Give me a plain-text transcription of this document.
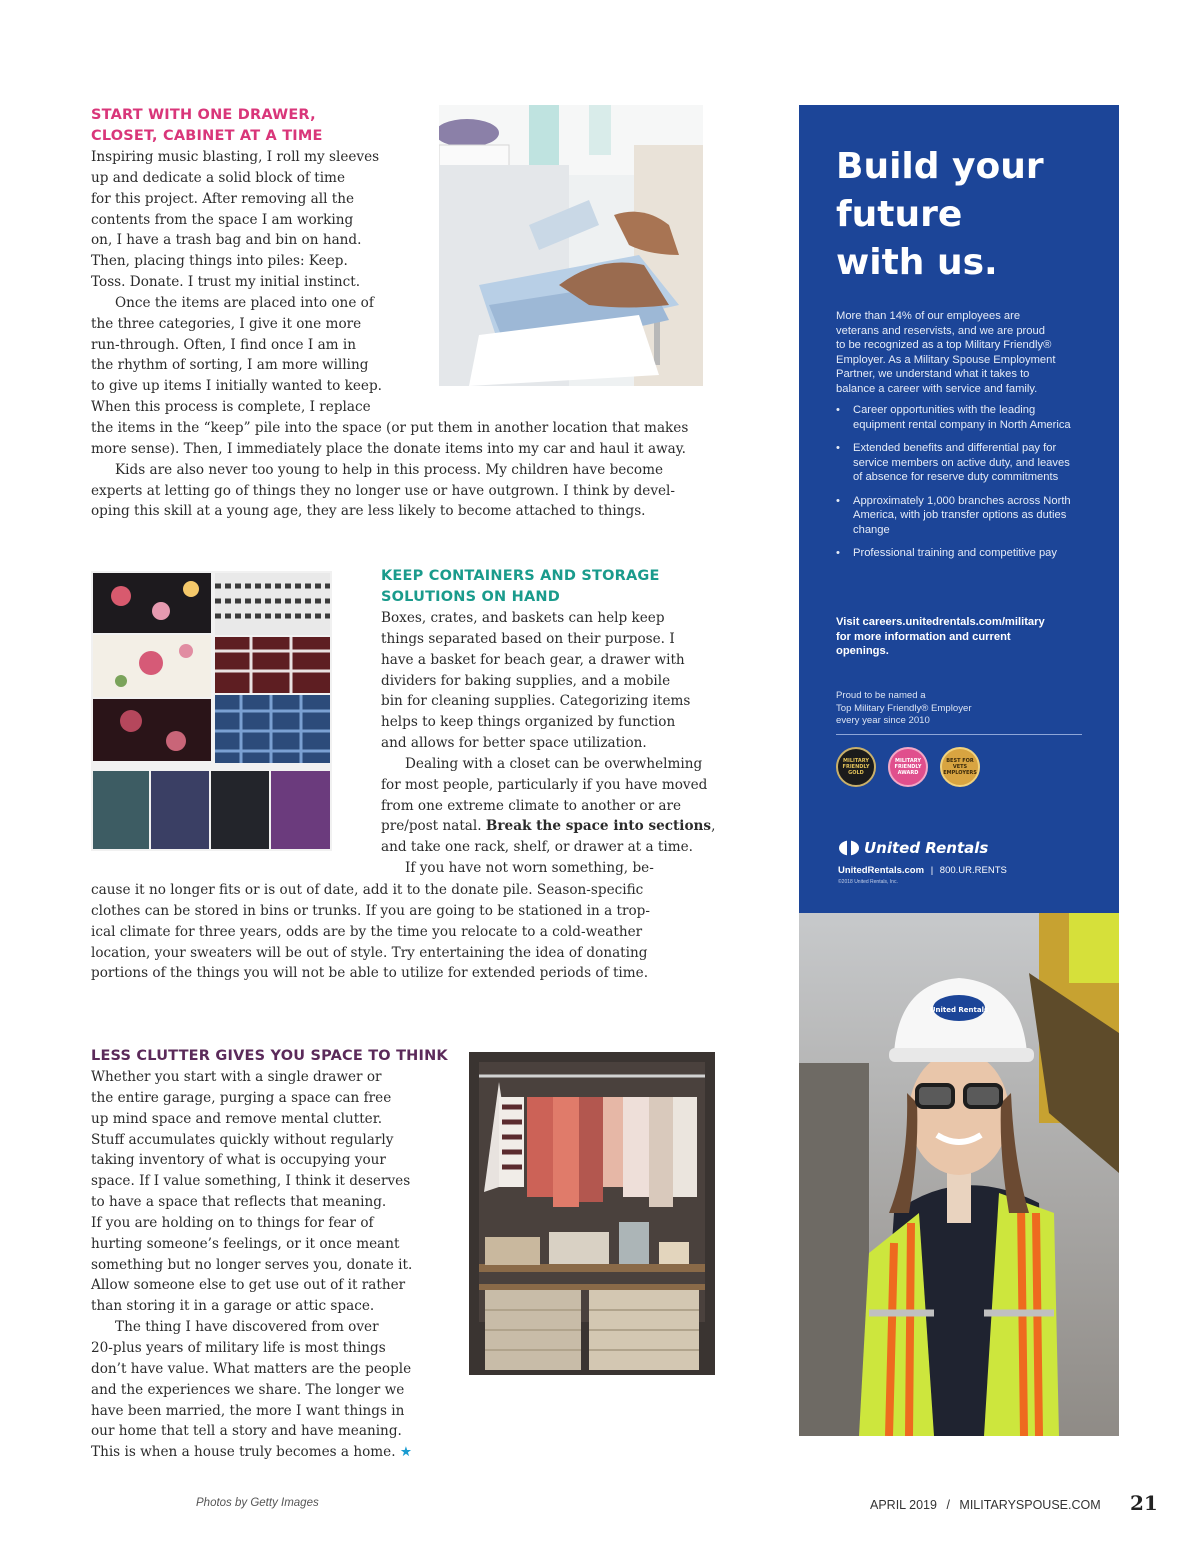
START WITH ONE DRAWER,
CLOSET, CABINET AT A TIME

Inspiring music blasting, I roll my sleeves

up and dedicate a solid block of time

for this project. After removing all the

contents from the space I am working

on, I have a trash bag and bin on hand.

Then, placing things into piles: Keep.

Toss. Donate. I trust my initial instinct.

Once the items are placed into one of

the three categories, I give it one more

run-through. Often, I find once I am in

the rhythm of sorting, I am more willing

to give up items I initially wanted to keep.

When this process is complete, I replace

the items in the “keep” pile into the space (or put them in another location that makes

more sense). Then, I immediately place the donate items into my car and haul it away.

Kids are also never too young to help in this process. My children have become

experts at letting go of things they no longer use or have outgrown. I think by devel-

oping this skill at a young age, they are less likely to become attached to things.

KEEP CONTAINERS AND STORAGE
SOLUTIONS ON HAND

Boxes, crates, and baskets can help keep

things separated based on their purpose. I

have a basket for beach gear, a drawer with

dividers for baking supplies, and a mobile

bin for cleaning supplies. Categorizing items

helps to keep things organized by function

and allows for better space utilization.

Dealing with a closet can be overwhelming

for most people, particularly if you have moved

from one extreme climate to another or are

pre/post natal. Break the space into sections,

and take one rack, shelf, or drawer at a time.

If you have not worn something, be-

cause it no longer fits or is out of date, add it to the donate pile. Season-specific

clothes can be stored in bins or trunks. If you are going to be stationed in a trop-

ical climate for three years, odds are by the time you relocate to a cold-weather

location, your sweaters will be out of style. Try entertaining the idea of donating

portions of the things you will not be able to utilize for extended periods of time.

LESS CLUTTER GIVES YOU SPACE TO THINK

Whether you start with a single drawer or

the entire garage, purging a space can free

up mind space and remove mental clutter.

Stuff accumulates quickly without regularly

taking inventory of what is occupying your

space. If I value something, I think it deserves

to have a space that reflects that meaning.

If you are holding on to things for fear of

hurting someone’s feelings, or it once meant

something but no longer serves you, donate it.

Allow someone else to get use out of it rather

than storing it in a garage or attic space.

The thing I have discovered from over

20-plus years of military life is most things

don’t have value. What matters are the people

and the experiences we share. The longer we

have been married, the more I want things in

our home that tell a story and have meaning.

This is when a house truly becomes a home. ★

Build your
future
with us.

More than 14% of our employees are

veterans and reservists, and we are proud

to be recognized as a top Military Friendly®

Employer. As a Military Spouse Employment

Partner, we understand what it takes to

balance a career with service and family.

• Career opportunities with the leading equipment rental company in North America
• Extended benefits and differential pay for service members on active duty, and leaves of absence for reserve duty commitments
• Approximately 1,000 branches across North America, with job transfer options as duties change
• Professional training and competitive pay

Visit careers.unitedrentals.com/military

for more information and current

openings.

Proud to be named a

Top Military Friendly® Employer

every year since 2010

MILITARY FRIENDLY GOLD
MILITARY FRIENDLY AWARD
BEST FOR VETS EMPLOYERS
United Rentals
UnitedRentals.com | 800.UR.RENTS
©2018 United Rentals, Inc.
United Rentals
Photos by Getty Images	APRIL 2019 / MILITARYSPOUSE.COM 21
